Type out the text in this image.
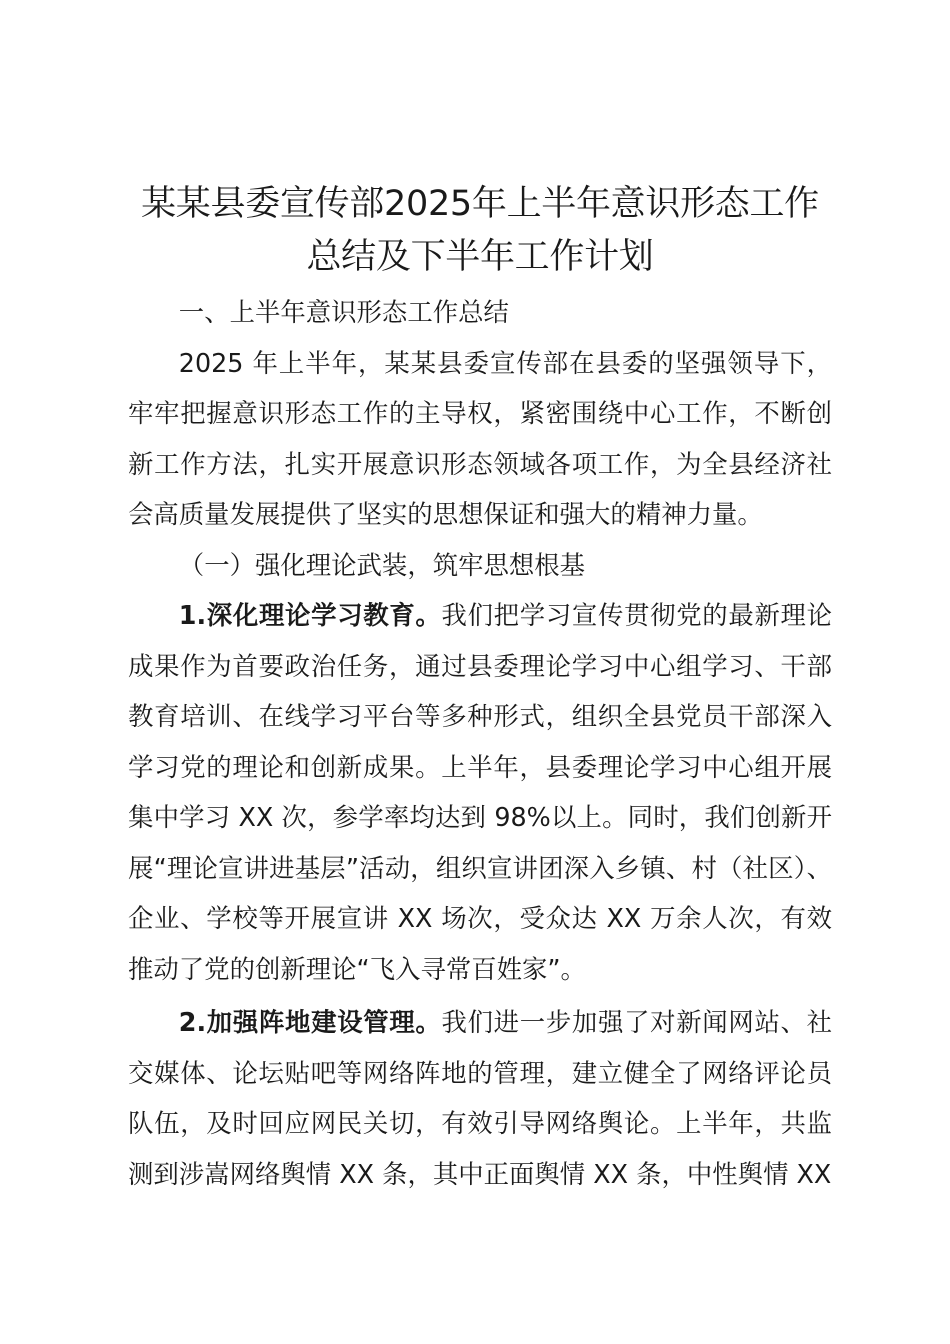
某某县委宣传部2025年上半年意识形态工作
总结及下半年工作计划

一、上半年意识形态工作总结

2025 年上半年，某某县委宣传部在县委的坚强领导下，牢牢把握意识形态工作的主导权，紧密围绕中心工作，不断创新工作方法，扎实开展意识形态领域各项工作，为全县经济社会高质量发展提供了坚实的思想保证和强大的精神力量。

（一）强化理论武装，筑牢思想根基

1.深化理论学习教育。我们把学习宣传贯彻党的最新理论成果作为首要政治任务，通过县委理论学习中心组学习、干部教育培训、在线学习平台等多种形式，组织全县党员干部深入学习党的理论和创新成果。上半年，县委理论学习中心组开展集中学习 XX 次，参学率均达到 98%以上。同时，我们创新开展“理论宣讲进基层”活动，组织宣讲团深入乡镇、村（社区）、企业、学校等开展宣讲 XX 场次，受众达 XX 万余人次，有效推动了党的创新理论“飞入寻常百姓家”。

2.加强阵地建设管理。我们进一步加强了对新闻网站、社交媒体、论坛贴吧等网络阵地的管理，建立健全了网络评论员队伍，及时回应网民关切，有效引导网络舆论。上半年，共监测到涉嵩网络舆情 XX 条，其中正面舆情 XX 条，中性舆情 XX
